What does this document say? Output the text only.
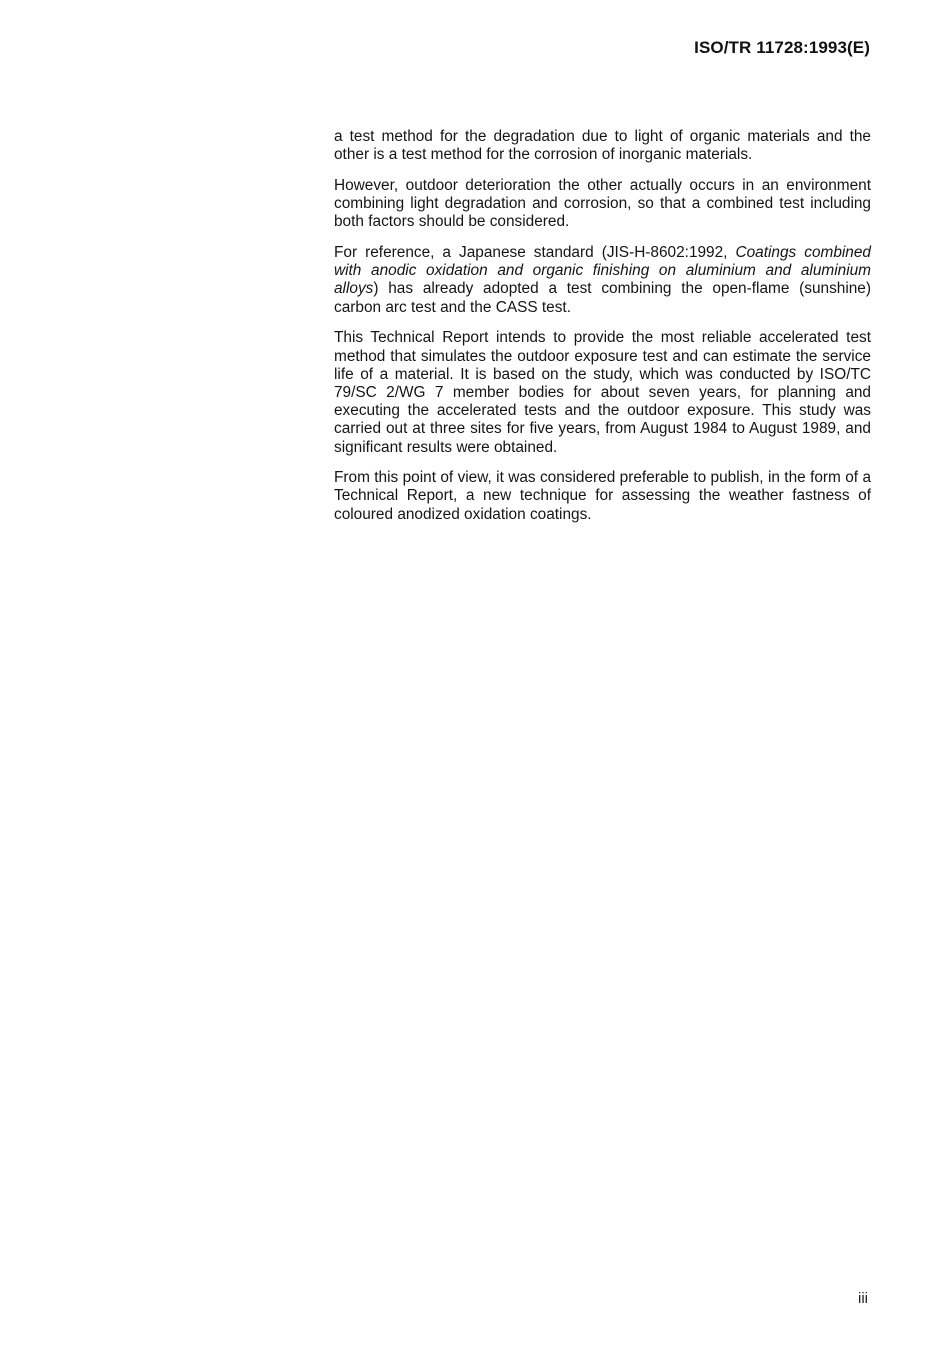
ISO/TR 11728:1993(E)

a test method for the degradation due to light of organic materials and the other is a test method for the corrosion of inorganic materials.

However, outdoor deterioration the other actually occurs in an environment combining light degradation and corrosion, so that a combined test including both factors should be considered.

For reference, a Japanese standard (JIS-H-8602:1992, Coatings combined with anodic oxidation and organic finishing on aluminium and aluminium alloys) has already adopted a test combining the open-flame (sunshine) carbon arc test and the CASS test.

This Technical Report intends to provide the most reliable accelerated test method that simulates the outdoor exposure test and can estimate the service life of a material. It is based on the study, which was conducted by ISO/TC 79/SC 2/WG 7 member bodies for about seven years, for planning and executing the accelerated tests and the outdoor exposure. This study was carried out at three sites for five years, from August 1984 to August 1989, and significant results were obtained.

From this point of view, it was considered preferable to publish, in the form of a Technical Report, a new technique for assessing the weather fastness of coloured anodized oxidation coatings.

iii
